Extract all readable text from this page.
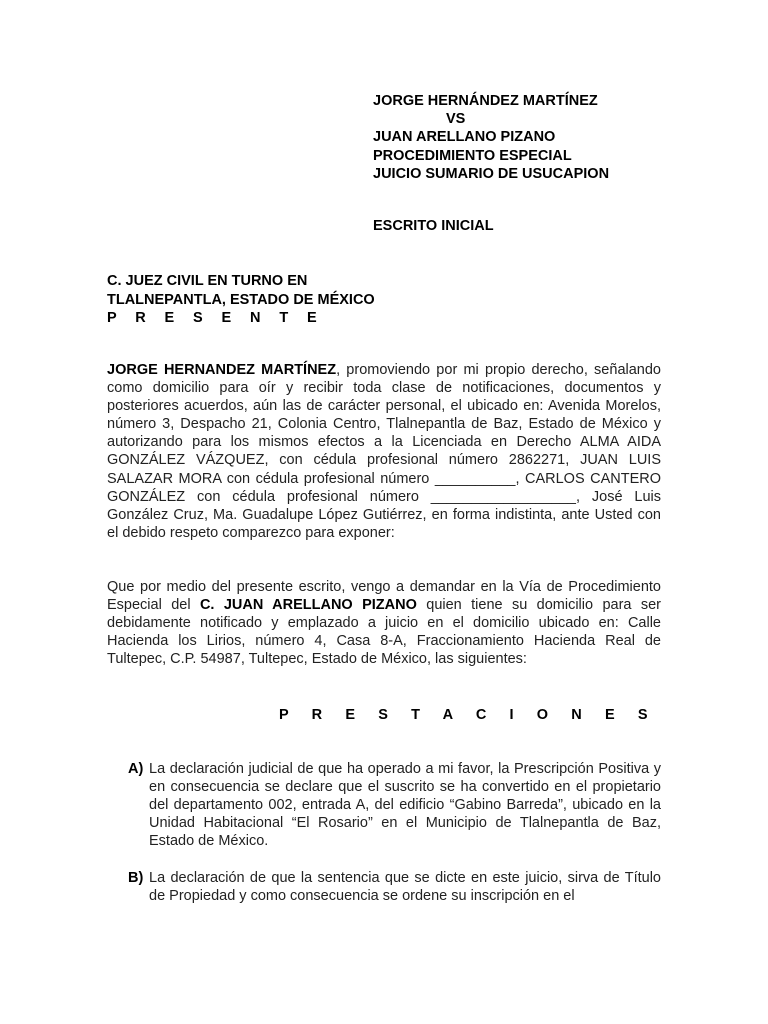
JORGE HERNÁNDEZ MARTÍNEZ
VS
JUAN ARELLANO PIZANO
PROCEDIMIENTO ESPECIAL
JUICIO SUMARIO DE USUCAPION
ESCRITO INICIAL
C. JUEZ CIVIL EN TURNO EN
TLALNEPANTLA, ESTADO DE MÉXICO
P R E S E N T E
JORGE HERNANDEZ MARTÍNEZ, promoviendo por mi propio derecho, señalando como domicilio para oír y recibir toda clase de notificaciones, documentos y posteriores acuerdos, aún las de carácter personal, el ubicado en: Avenida Morelos, número 3, Despacho 21, Colonia Centro, Tlalnepantla de Baz, Estado de México y autorizando para los mismos efectos a la Licenciada en Derecho ALMA AIDA GONZÁLEZ VÁZQUEZ, con cédula profesional número 2862271, JUAN LUIS SALAZAR MORA con cédula profesional número __________, CARLOS CANTERO GONZÁLEZ con cédula profesional número __________________, José Luis González Cruz, Ma. Guadalupe López Gutiérrez, en forma indistinta, ante Usted con el debido respeto comparezco para exponer:
Que por medio del presente escrito, vengo a demandar en la Vía de Procedimiento Especial del C. JUAN ARELLANO PIZANO quien tiene su domicilio para ser debidamente notificado y emplazado a juicio en el domicilio ubicado en: Calle Hacienda los Lirios, número 4, Casa 8-A, Fraccionamiento Hacienda Real de Tultepec, C.P. 54987, Tultepec, Estado de México, las siguientes:
P R E S T A C I O N E S
A) La declaración judicial de que ha operado a mi favor, la Prescripción Positiva y en consecuencia se declare que el suscrito se ha convertido en el propietario del departamento 002, entrada A, del edificio “Gabino Barreda”, ubicado en la Unidad Habitacional “El Rosario” en el Municipio de Tlalnepantla de Baz, Estado de México.
B) La declaración de que la sentencia que se dicte en este juicio, sirva de Título de Propiedad y como consecuencia se ordene su inscripción en el
